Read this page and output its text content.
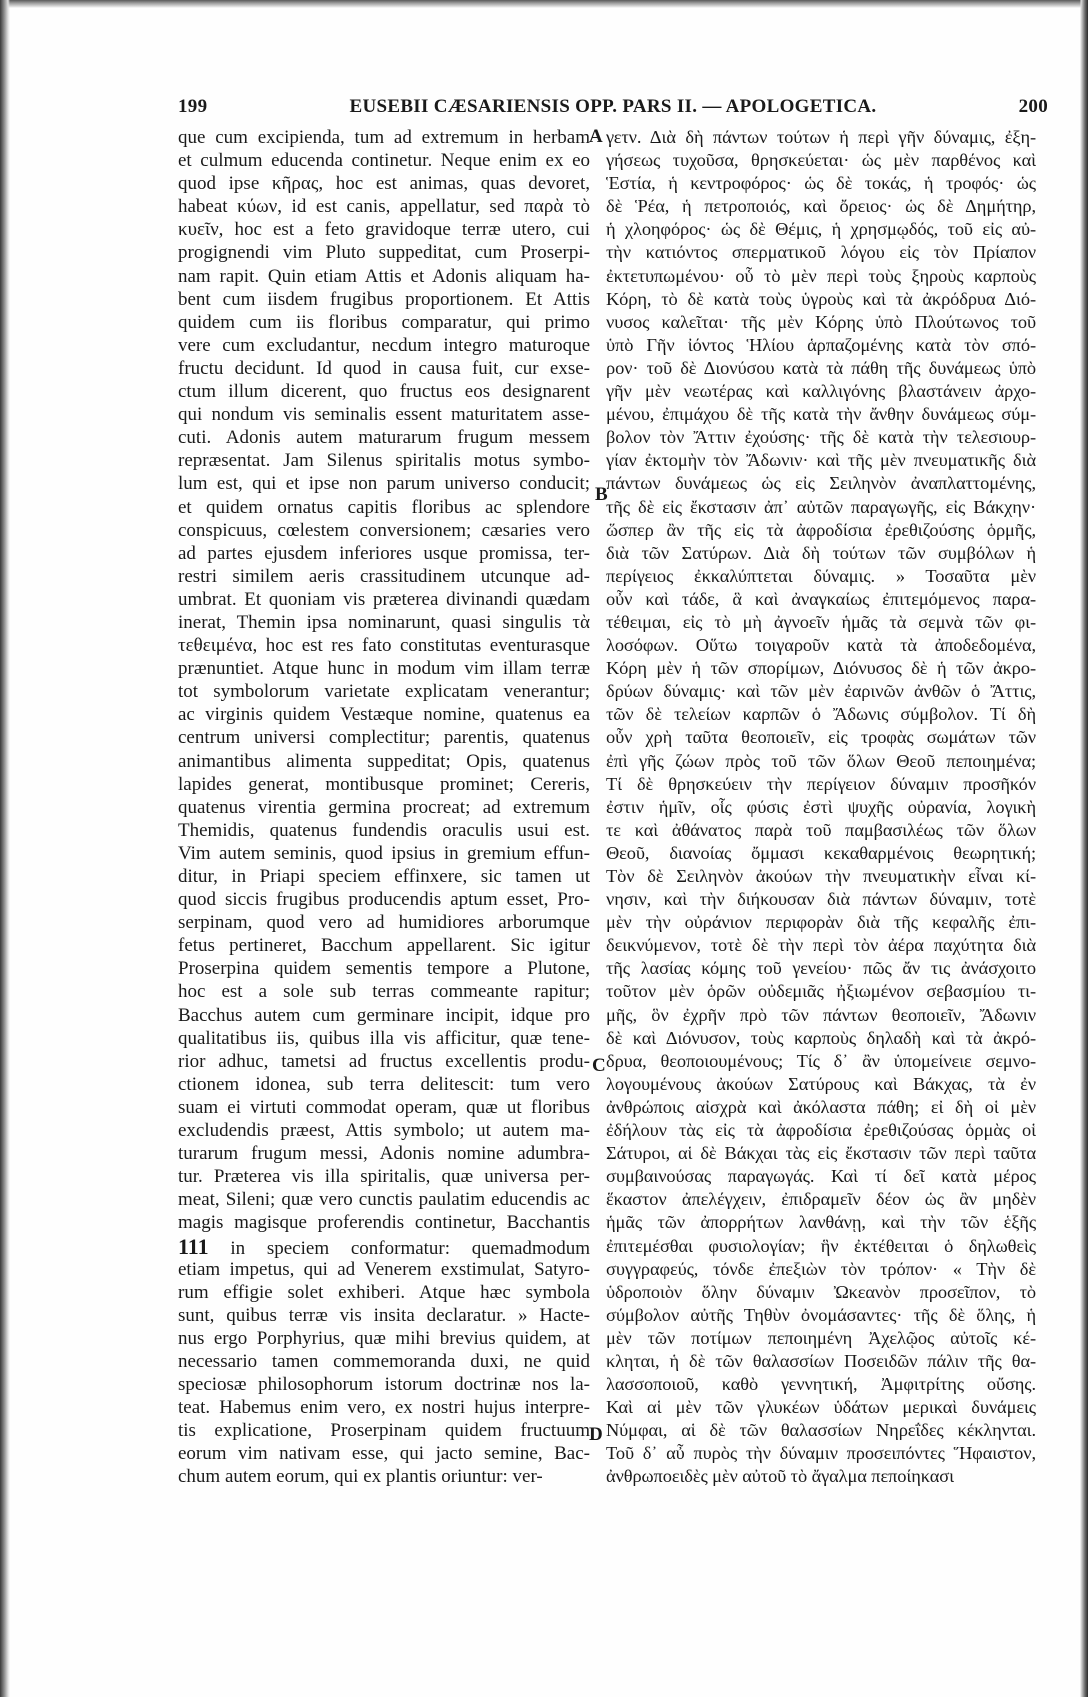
199	EUSEBII CÆSARIENSIS OPP. PARS II. — APOLOGETICA.	200
que cum excipienda, tum ad extremum in herbam
et culmum educenda continetur. Neque enim ex eo
quod ipse κῆρας, hoc est animas, quas devoret,
habeat κύων, id est canis, appellatur, sed παρὰ τὸ
κυεῖν, hoc est a feto gravidoque terræ utero, cui
progignendi vim Pluto suppeditat, cum Proserpi-
nam rapit. Quin etiam Attis et Adonis aliquam ha-
bent cum iisdem frugibus proportionem. Et Attis
quidem cum iis floribus comparatur, qui primo
vere cum excludantur, necdum integro maturoque
fructu decidunt. Id quod in causa fuit, cur exse-
ctum illum dicerent, quo fructus eos designarent
qui nondum vis seminalis essent maturitatem asse-
cuti. Adonis autem maturarum frugum messem
repræsentat. Jam Silenus spiritalis motus symbo-
lum est, qui et ipse non parum universo conducit;
et quidem ornatus capitis floribus ac splendore
conspicuus, cœlestem conversionem; cæsaries vero
ad partes ejusdem inferiores usque promissa, ter-
restri similem aeris crassitudinem utcunque ad-
umbrat. Et quoniam vis præterea divinandi quædam
inerat, Themin ipsa nominarunt, quasi singulis τὰ
τεθειμένα, hoc est res fato constitutas eventurasque
prænuntiet. Atque hunc in modum vim illam terræ
tot symbolorum varietate explicatam venerantur;
ac virginis quidem Vestæque nomine, quatenus ea
centrum universi complectitur; parentis, quatenus
animantibus alimenta suppeditat; Opis, quatenus
lapides generat, montibusque prominet; Cereris,
quatenus virentia germina procreat; ad extremum
Themidis, quatenus fundendis oraculis usui est.
Vim autem seminis, quod ipsius in gremium effun-
ditur, in Priapi speciem effinxere, sic tamen ut
quod siccis frugibus producendis aptum esset, Pro-
serpinam, quod vero ad humidiores arborumque
fetus pertineret, Bacchum appellarent. Sic igitur
Proserpina quidem sementis tempore a Plutone,
hoc est a sole sub terras commeante rapitur;
Bacchus autem cum germinare incipit, idque pro
qualitatibus iis, quibus illa vis afficitur, quæ tene-
rior adhuc, tametsi ad fructus excellentis produ-
ctionem idonea, sub terra delitescit: tum vero
suam ei virtuti commodat operam, quæ ut floribus
excludendis præest, Attis symbolo; ut autem ma-
turarum frugum messi, Adonis nomine adumbra-
tur. Præterea vis illa spiritalis, quæ universa per-
meat, Sileni; quæ vero cunctis paulatim educendis ac
magis magisque proferendis continetur, Bacchantis
111 in speciem conformatur: quemadmodum
etiam impetus, qui ad Venerem exstimulat, Satyro-
rum effigie solet exhiberi. Atque hæc symbola
sunt, quibus terræ vis insita declaratur. » Hacte-
nus ergo Porphyrius, quæ mihi brevius quidem, at
necessario tamen commemoranda duxi, ne quid
speciosæ philosophorum istorum doctrinæ nos la-
teat. Habemus enim vero, ex nostri hujus interpre-
tis explicatione, Proserpinam quidem fructuum
eorum vim nativam esse, qui jacto semine, Bac-
chum autem eorum, qui ex plantis oriuntur: ver-
γετν. Διὰ δὴ πάντων τούτων ἡ περὶ γῆν δύναμις, ἐξη-
γήσεως τυχοῦσα, θρησκεύεται· ὡς μὲν παρθένος καὶ
Ἑστία, ἡ κεντροφόρος· ὡς δὲ τοκάς, ἡ τροφός· ὡς
δὲ Ῥέα, ἡ πετροποιός, καὶ ὄρειος· ὡς δὲ Δημήτηρ,
ἡ χλοηφόρος· ὡς δὲ Θέμις, ἡ χρησμῳδός, τοῦ εἰς αὐ-
τὴν κατιόντος σπερματικοῦ λόγου εἰς τὸν Πρίαπον
ἐκτετυπωμένου· οὗ τὸ μὲν περὶ τοὺς ξηροὺς καρποὺς
Κόρη, τὸ δὲ κατὰ τοὺς ὑγροὺς καὶ τὰ ἀκρόδρυα Διό-
νυσος καλεῖται· τῆς μὲν Κόρης ὑπὸ Πλούτωνος τοῦ
ὑπὸ Γῆν ἰόντος Ἡλίου ἁρπαζομένης κατὰ τὸν σπό-
ρον· τοῦ δὲ Διονύσου κατὰ τὰ πάθη τῆς δυνάμεως ὑπὸ
γῆν μὲν νεωτέρας καὶ καλλιγόνης βλαστάνειν ἀρχο-
μένου, ἐπιμάχου δὲ τῆς κατὰ τὴν ἄνθην δυνάμεως σύμ-
βολον τὸν Ἄττιν ἐχούσης· τῆς δὲ κατὰ τὴν τελεσιουρ-
γίαν ἐκτομὴν τὸν Ἄδωνιν· καὶ τῆς μὲν πνευματικῆς διὰ
πάντων δυνάμεως ὡς εἰς Σειληνὸν ἀναπλαττομένης,
τῆς δὲ εἰς ἔκστασιν ἀπ᾽ αὐτῶν παραγωγῆς, εἰς Βάκχην·
ὥσπερ ἂν τῆς εἰς τὰ ἀφροδίσια ἐρεθιζούσης ὁρμῆς,
διὰ τῶν Σατύρων. Διὰ δὴ τούτων τῶν συμβόλων ἡ
περίγειος ἐκκαλύπτεται δύναμις. » Τοσαῦτα μὲν
οὖν καὶ τάδε, ἃ καὶ ἀναγκαίως ἐπιτεμόμενος παρα-
τέθειμαι, εἰς τὸ μὴ ἀγνοεῖν ἡμᾶς τὰ σεμνὰ τῶν φι-
λοσόφων. Οὕτω τοιγαροῦν κατὰ τὰ ἀποδεδομένα,
Κόρη μὲν ἡ τῶν σπορίμων, Διόνυσος δὲ ἡ τῶν ἀκρο-
δρύων δύναμις· καὶ τῶν μὲν ἐαρινῶν ἀνθῶν ὁ Ἄττις,
τῶν δὲ τελείων καρπῶν ὁ Ἄδωνις σύμβολον. Τί δὴ
οὖν χρὴ ταῦτα θεοποιεῖν, εἰς τροφὰς σωμάτων τῶν
ἐπὶ γῆς ζώων πρὸς τοῦ τῶν ὅλων Θεοῦ πεποιημένα;
Τί δὲ θρησκεύειν τὴν περίγειον δύναμιν προσῆκόν
ἐστιν ἡμῖν, οἷς φύσις ἐστὶ ψυχῆς οὐρανία, λογικὴ
τε καὶ ἀθάνατος παρὰ τοῦ παμβασιλέως τῶν ὅλων
Θεοῦ, διανοίας ὄμμασι κεκαθαρμένοις θεωρητική;
Τὸν δὲ Σειληνὸν ἀκούων τὴν πνευματικὴν εἶναι κί-
νησιν, καὶ τὴν διήκουσαν διὰ πάντων δύναμιν, τοτὲ
μὲν τὴν οὐράνιον περιφορὰν διὰ τῆς κεφαλῆς ἐπι-
δεικνύμενον, τοτὲ δὲ τὴν περὶ τὸν ἀέρα παχύτητα διὰ
τῆς λασίας κόμης τοῦ γενείου· πῶς ἄν τις ἀνάσχοιτο
τοῦτον μὲν ὁρῶν οὐδεμιᾶς ἠξιωμένον σεβασμίου τι-
μῆς, ὃν ἐχρῆν πρὸ τῶν πάντων θεοποιεῖν, Ἄδωνιν
δὲ καὶ Διόνυσον, τοὺς καρποὺς δηλαδὴ καὶ τὰ ἀκρό-
δρυα, θεοποιουμένους; Τίς δ᾽ ἂν ὑπομείνειε σεμνο-
λογουμένους ἀκούων Σατύρους καὶ Βάκχας, τὰ ἐν
ἀνθρώποις αἰσχρὰ καὶ ἀκόλαστα πάθη; εἰ δὴ οἱ μὲν
ἐδήλουν τὰς εἰς τὰ ἀφροδίσια ἐρεθιζούσας ὁρμὰς οἱ
Σάτυροι, αἱ δὲ Βάκχαι τὰς εἰς ἔκστασιν τῶν περὶ ταῦτα
συμβαινούσας παραγωγάς. Καὶ τί δεῖ κατὰ μέρος
ἕκαστον ἀπελέγχειν, ἐπιδραμεῖν δέον ὡς ἂν μηδὲν
ἡμᾶς τῶν ἀπορρήτων λανθάνῃ, καὶ τὴν τῶν ἑξῆς
ἐπιτεμέσθαι φυσιολογίαν; ἣν ἐκτέθειται ὁ δηλωθεὶς
συγγραφεύς, τόνδε ἐπεξιὼν τὸν τρόπον· « Τὴν δὲ
ὑδροποιὸν ὅλην δύναμιν Ὠκεανὸν προσεῖπον, τὸ
σύμβολον αὐτῆς Τηθὺν ὀνομάσαντες· τῆς δὲ ὅλης, ἡ
μὲν τῶν ποτίμων πεποιημένη Ἀχελῷος αὐτοῖς κέ-
κληται, ἡ δὲ τῶν θαλασσίων Ποσειδῶν πάλιν τῆς θα-
λασσοποιοῦ, καθὸ γεννητική, Ἀμφιτρίτης οὔσης.
Καὶ αἱ μὲν τῶν γλυκέων ὑδάτων μερικαὶ δυνάμεις
Νύμφαι, αἱ δὲ τῶν θαλασσίων Νηρεΐδες κέκληνται.
Τοῦ δ᾽ αὖ πυρὸς τὴν δύναμιν προσειπόντες Ἥφαιστον,
ἀνθρωποειδὲς μὲν αὐτοῦ τὸ ἄγαλμα πεποίηκασι
A
B
C
D
